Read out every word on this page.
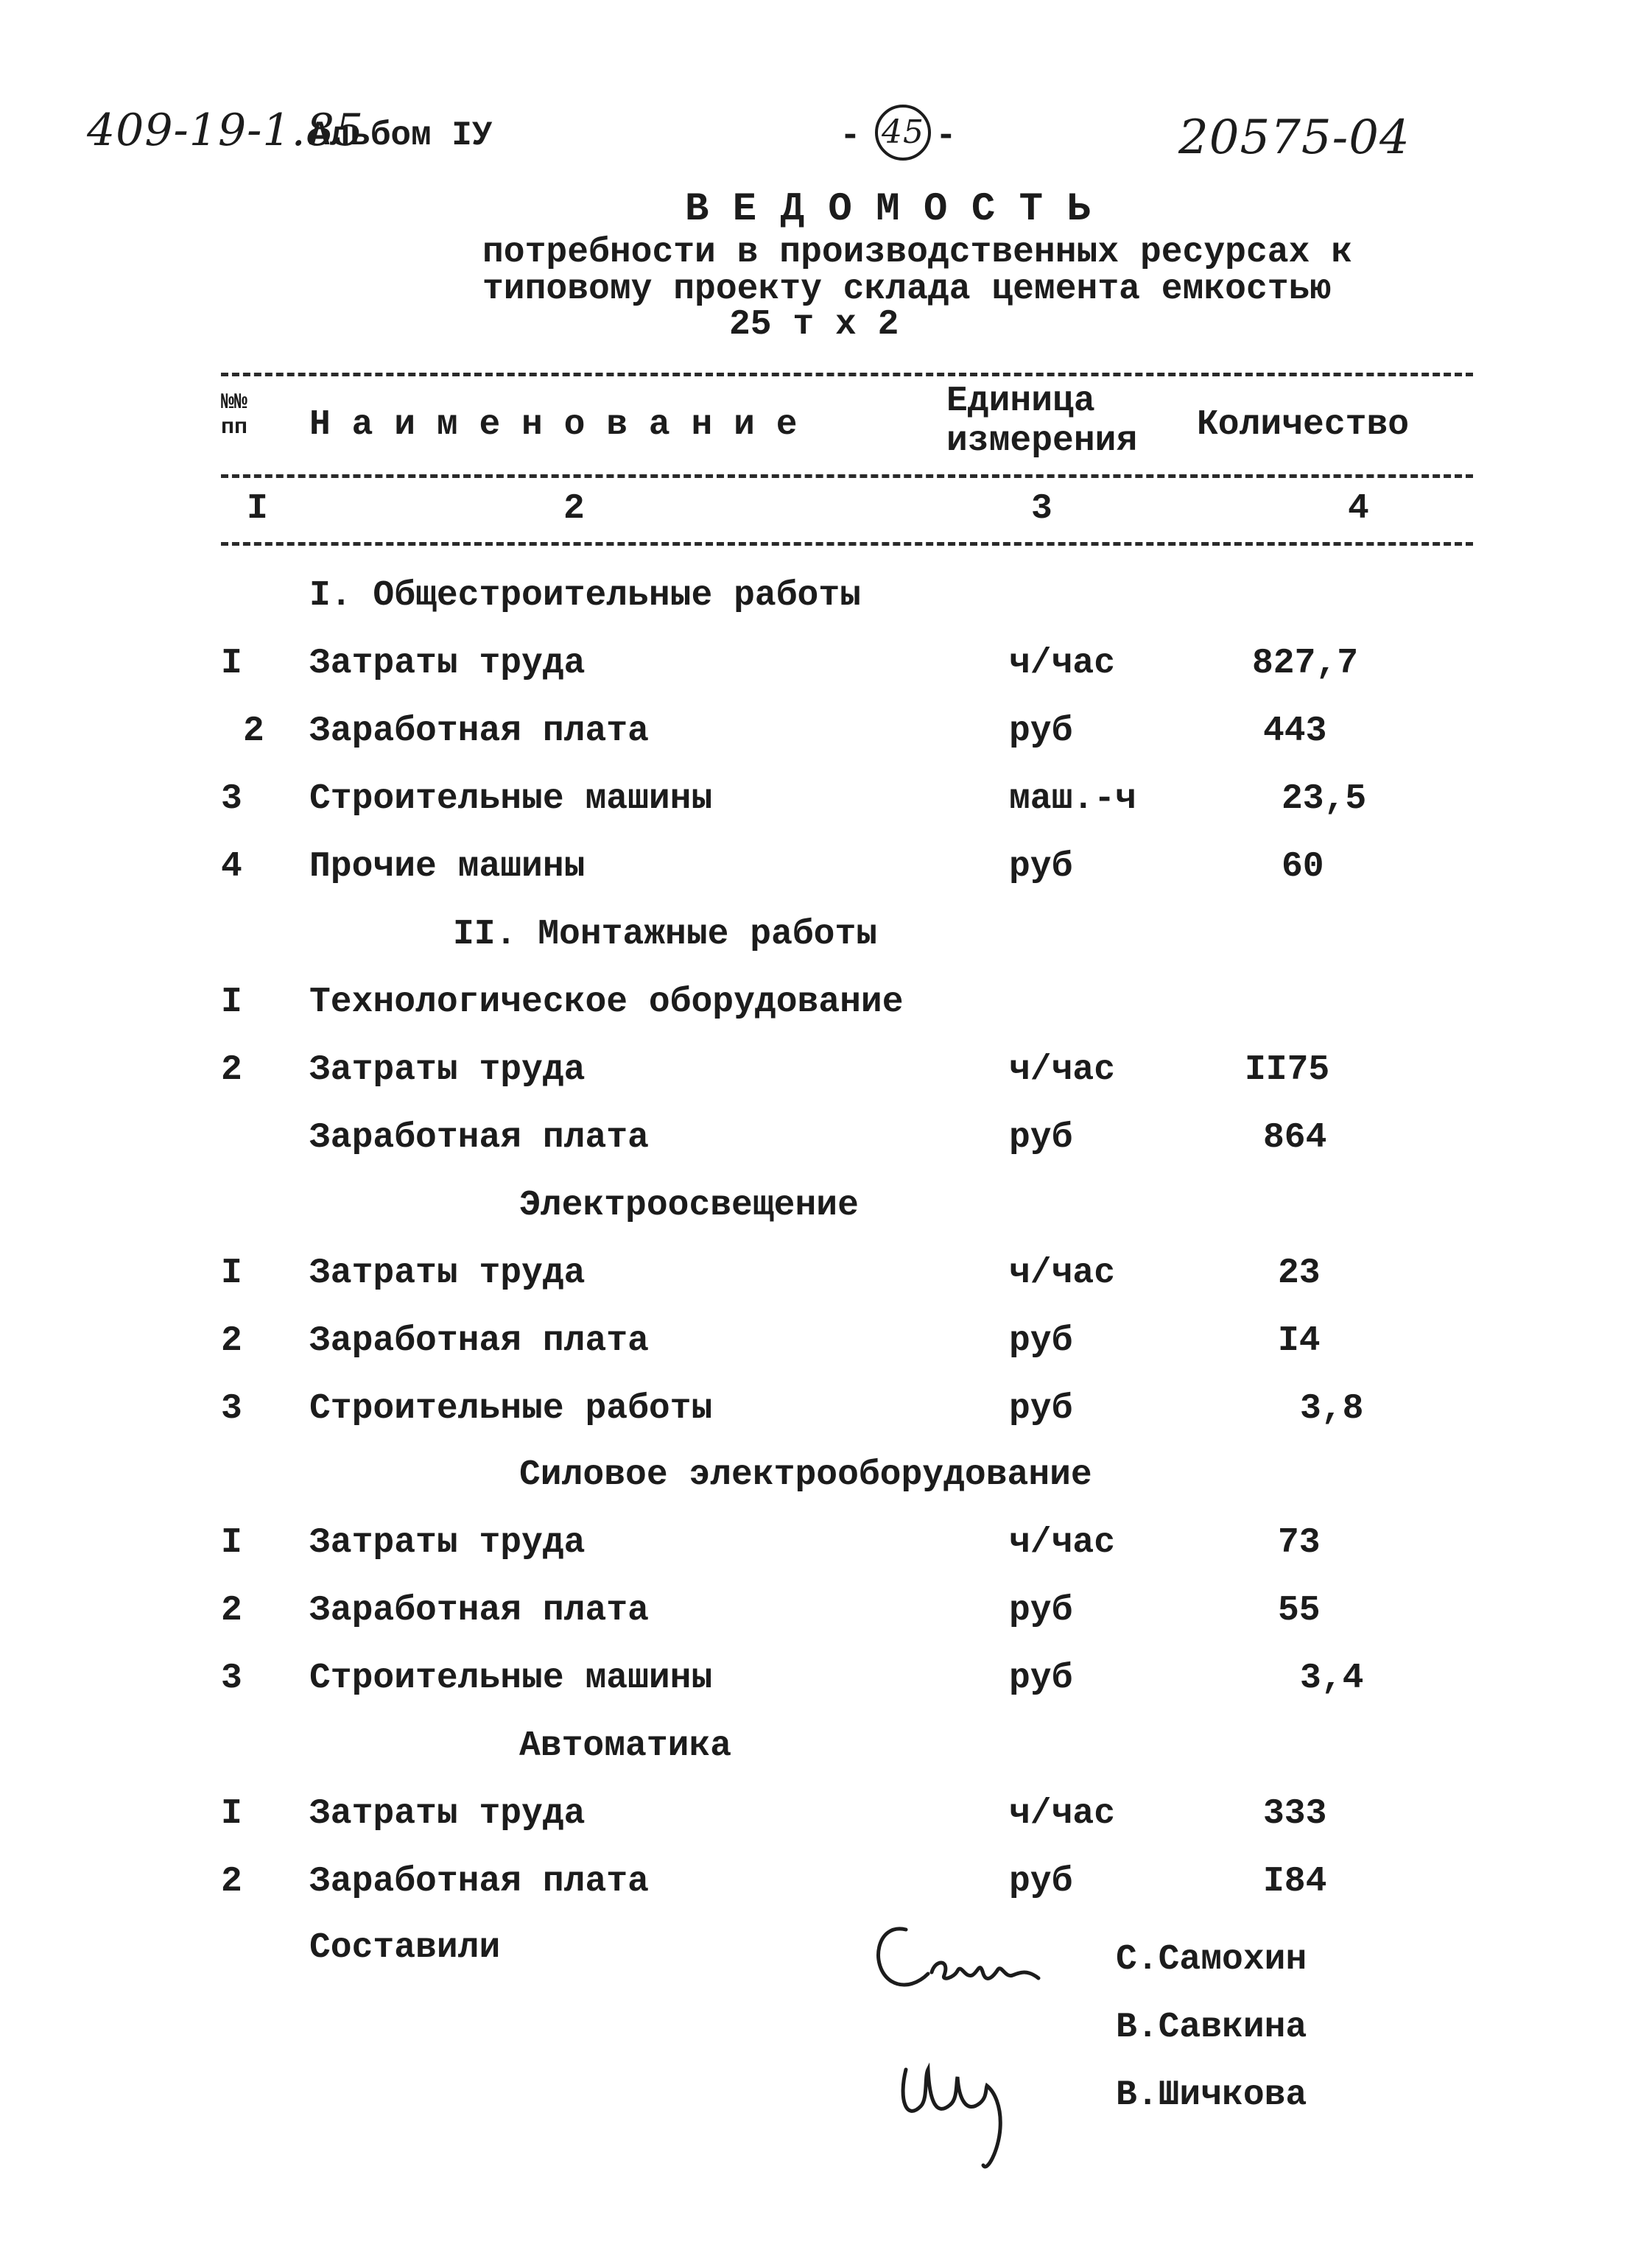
409-19-1.85
Альбом IУ	- 45 -	20575-04
В Е Д О М О С Т Ь
потребности в производственных ресурсах к
типовому проекту склада цемента емкостью
25 т х 2
№№ пп	Н а и м е н о в а н и е
Единица
измерения Количество
I	2	3	4
I. Общестроительные работы
I Затраты труда	ч/час	827,7
2 Заработная плата	руб	443
3 Строительные машины	маш.-ч	23,5
4 Прочие машины	руб	60
II. Монтажные работы
I Технологическое оборудование
2 Затраты труда	ч/час	II75
Заработная плата	руб	864
Электроосвещение
I Затраты труда	ч/час	23
2 Заработная плата	руб	I4
3 Строительные работы	руб	3,8
Силовое электрооборудование
I Затраты труда	ч/час	73
2 Заработная плата	руб	55
3 Строительные машины	руб	3,4
Автоматика
I Затраты труда	ч/час	333
2 Заработная плата	руб	I84
Составили	С.Самохин
В.Савкина
В.Шичкова
